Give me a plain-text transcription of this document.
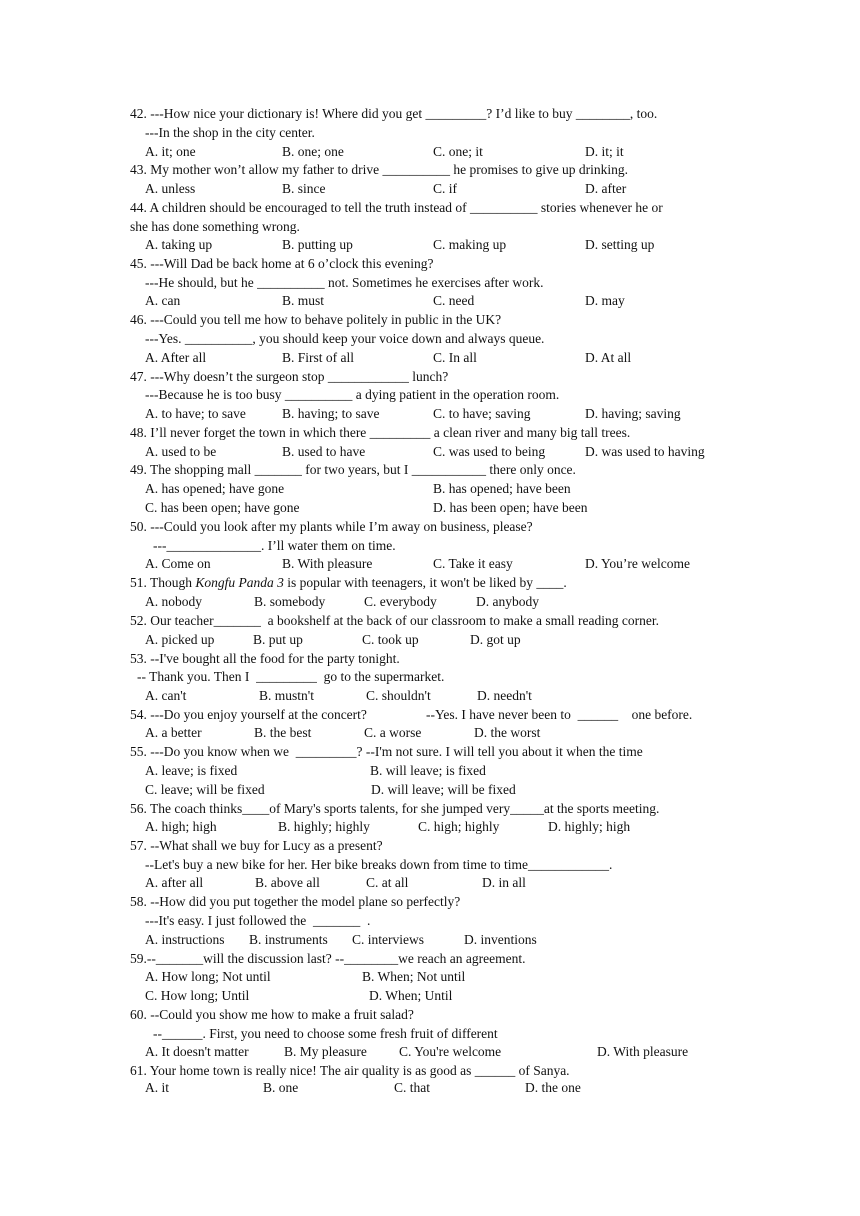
42. ---How nice your dictionary is! Where did you get _________? I’d like to buy ________, too.
---In the shop in the city center.
A. it; one	B. one; one	C. one; it	D. it; it
43. My mother won’t allow my father to drive __________ he promises to give up drinking.
A. unless	B. since	C. if	D. after
44. A children should be encouraged to tell the truth instead of __________ stories whenever he or
she has done something wrong.
A. taking up	B. putting up	C. making up	D. setting up
45. ---Will Dad be back home at 6 o’clock this evening?
---He should, but he __________ not. Sometimes he exercises after work.
A. can	B. must	C. need	D. may
46. ---Could you tell me how to behave politely in public in the UK?
---Yes. __________, you should keep your voice down and always queue.
A. After all	B. First of all	C. In all	D. At all
47. ---Why doesn’t the surgeon stop ____________ lunch?
---Because he is too busy __________ a dying patient in the operation room.
A. to have; to save	B. having; to save	C. to have; saving	D. having; saving
48. I’ll never forget the town in which there _________ a clean river and many big tall trees.
A. used to be	B. used to have	C. was used to being	D. was used to having
49. The shopping mall _______ for two years, but I ___________ there only once.
A. has opened; have gone	B. has opened; have been
C. has been open; have gone	D. has been open; have been
50. ---Could you look after my plants while I’m away on business, please?
---______________. I’ll water them on time.
A. Come on	B. With pleasure	C. Take it easy	D. You’re welcome
51. Though Kongfu Panda 3 is popular with teenagers, it won't be liked by ____.
A. nobody	B. somebody	C. everybody	D. anybody
52. Our teacher_______  a bookshelf at the back of our classroom to make a small reading corner.
A. picked up	B. put up	C. took up	D. got up
53. --I've bought all the food for the party tonight.
-- Thank you. Then I  _________  go to the supermarket.
A. can't	B. mustn't	C. shouldn't	D. needn't
54. ---Do you enjoy yourself at the concert?	--Yes. I have never been to  ______    one before.
A. a better	B. the best	C. a worse	D. the worst
55. ---Do you know when we  _________? --I'm not sure. I will tell you about it when the time
A. leave; is fixed	B. will leave; is fixed
C. leave; will be fixed	D. will leave; will be fixed
56. The coach thinks____of Mary's sports talents, for she jumped very_____at the sports meeting.
A. high; high	B. highly; highly	C. high; highly	D. highly; high
57. --What shall we buy for Lucy as a present?
--Let's buy a new bike for her. Her bike breaks down from time to time____________.
A. after all	B. above all	C. at all	D. in all
58. --How did you put together the model plane so perfectly?
---It's easy. I just followed the  _______  .
A. instructions B. instruments C. interviews	D. inventions
59.--_______will the discussion last? --________we reach an agreement.
A. How long; Not until	B. When; Not until
C. How long; Until	D. When; Until
60. --Could you show me how to make a fruit salad?
--______. First, you need to choose some fresh fruit of different
A. It doesn't matter	B. My pleasure C. You're welcome	D. With pleasure
61. Your home town is really nice! The air quality is as good as ______ of Sanya.
A. it	B. one	C. that	D. the one
